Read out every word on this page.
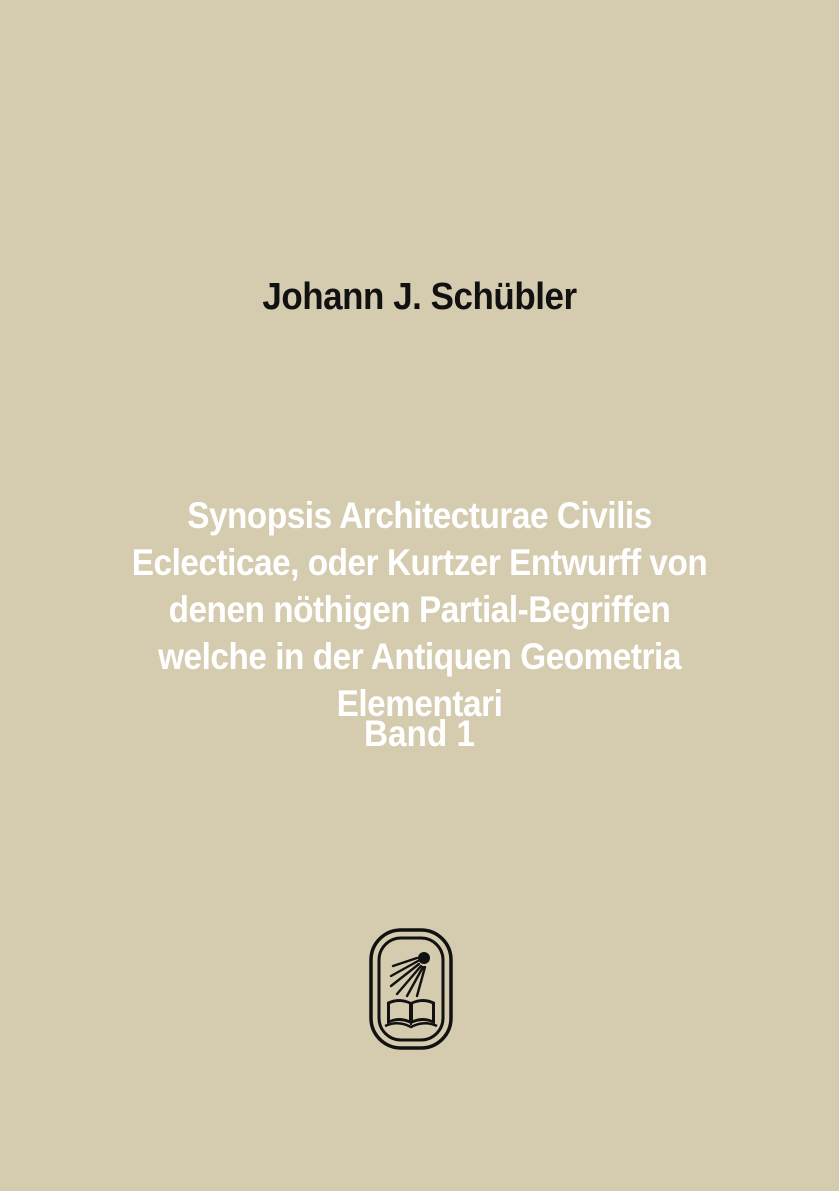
Johann J. Schübler
Synopsis Architecturae Civilis
Eclecticae, oder Kurtzer Entwurff von
denen nöthigen Partial-Begriffen
welche in der Antiquen Geometria
Elementari
Band 1
